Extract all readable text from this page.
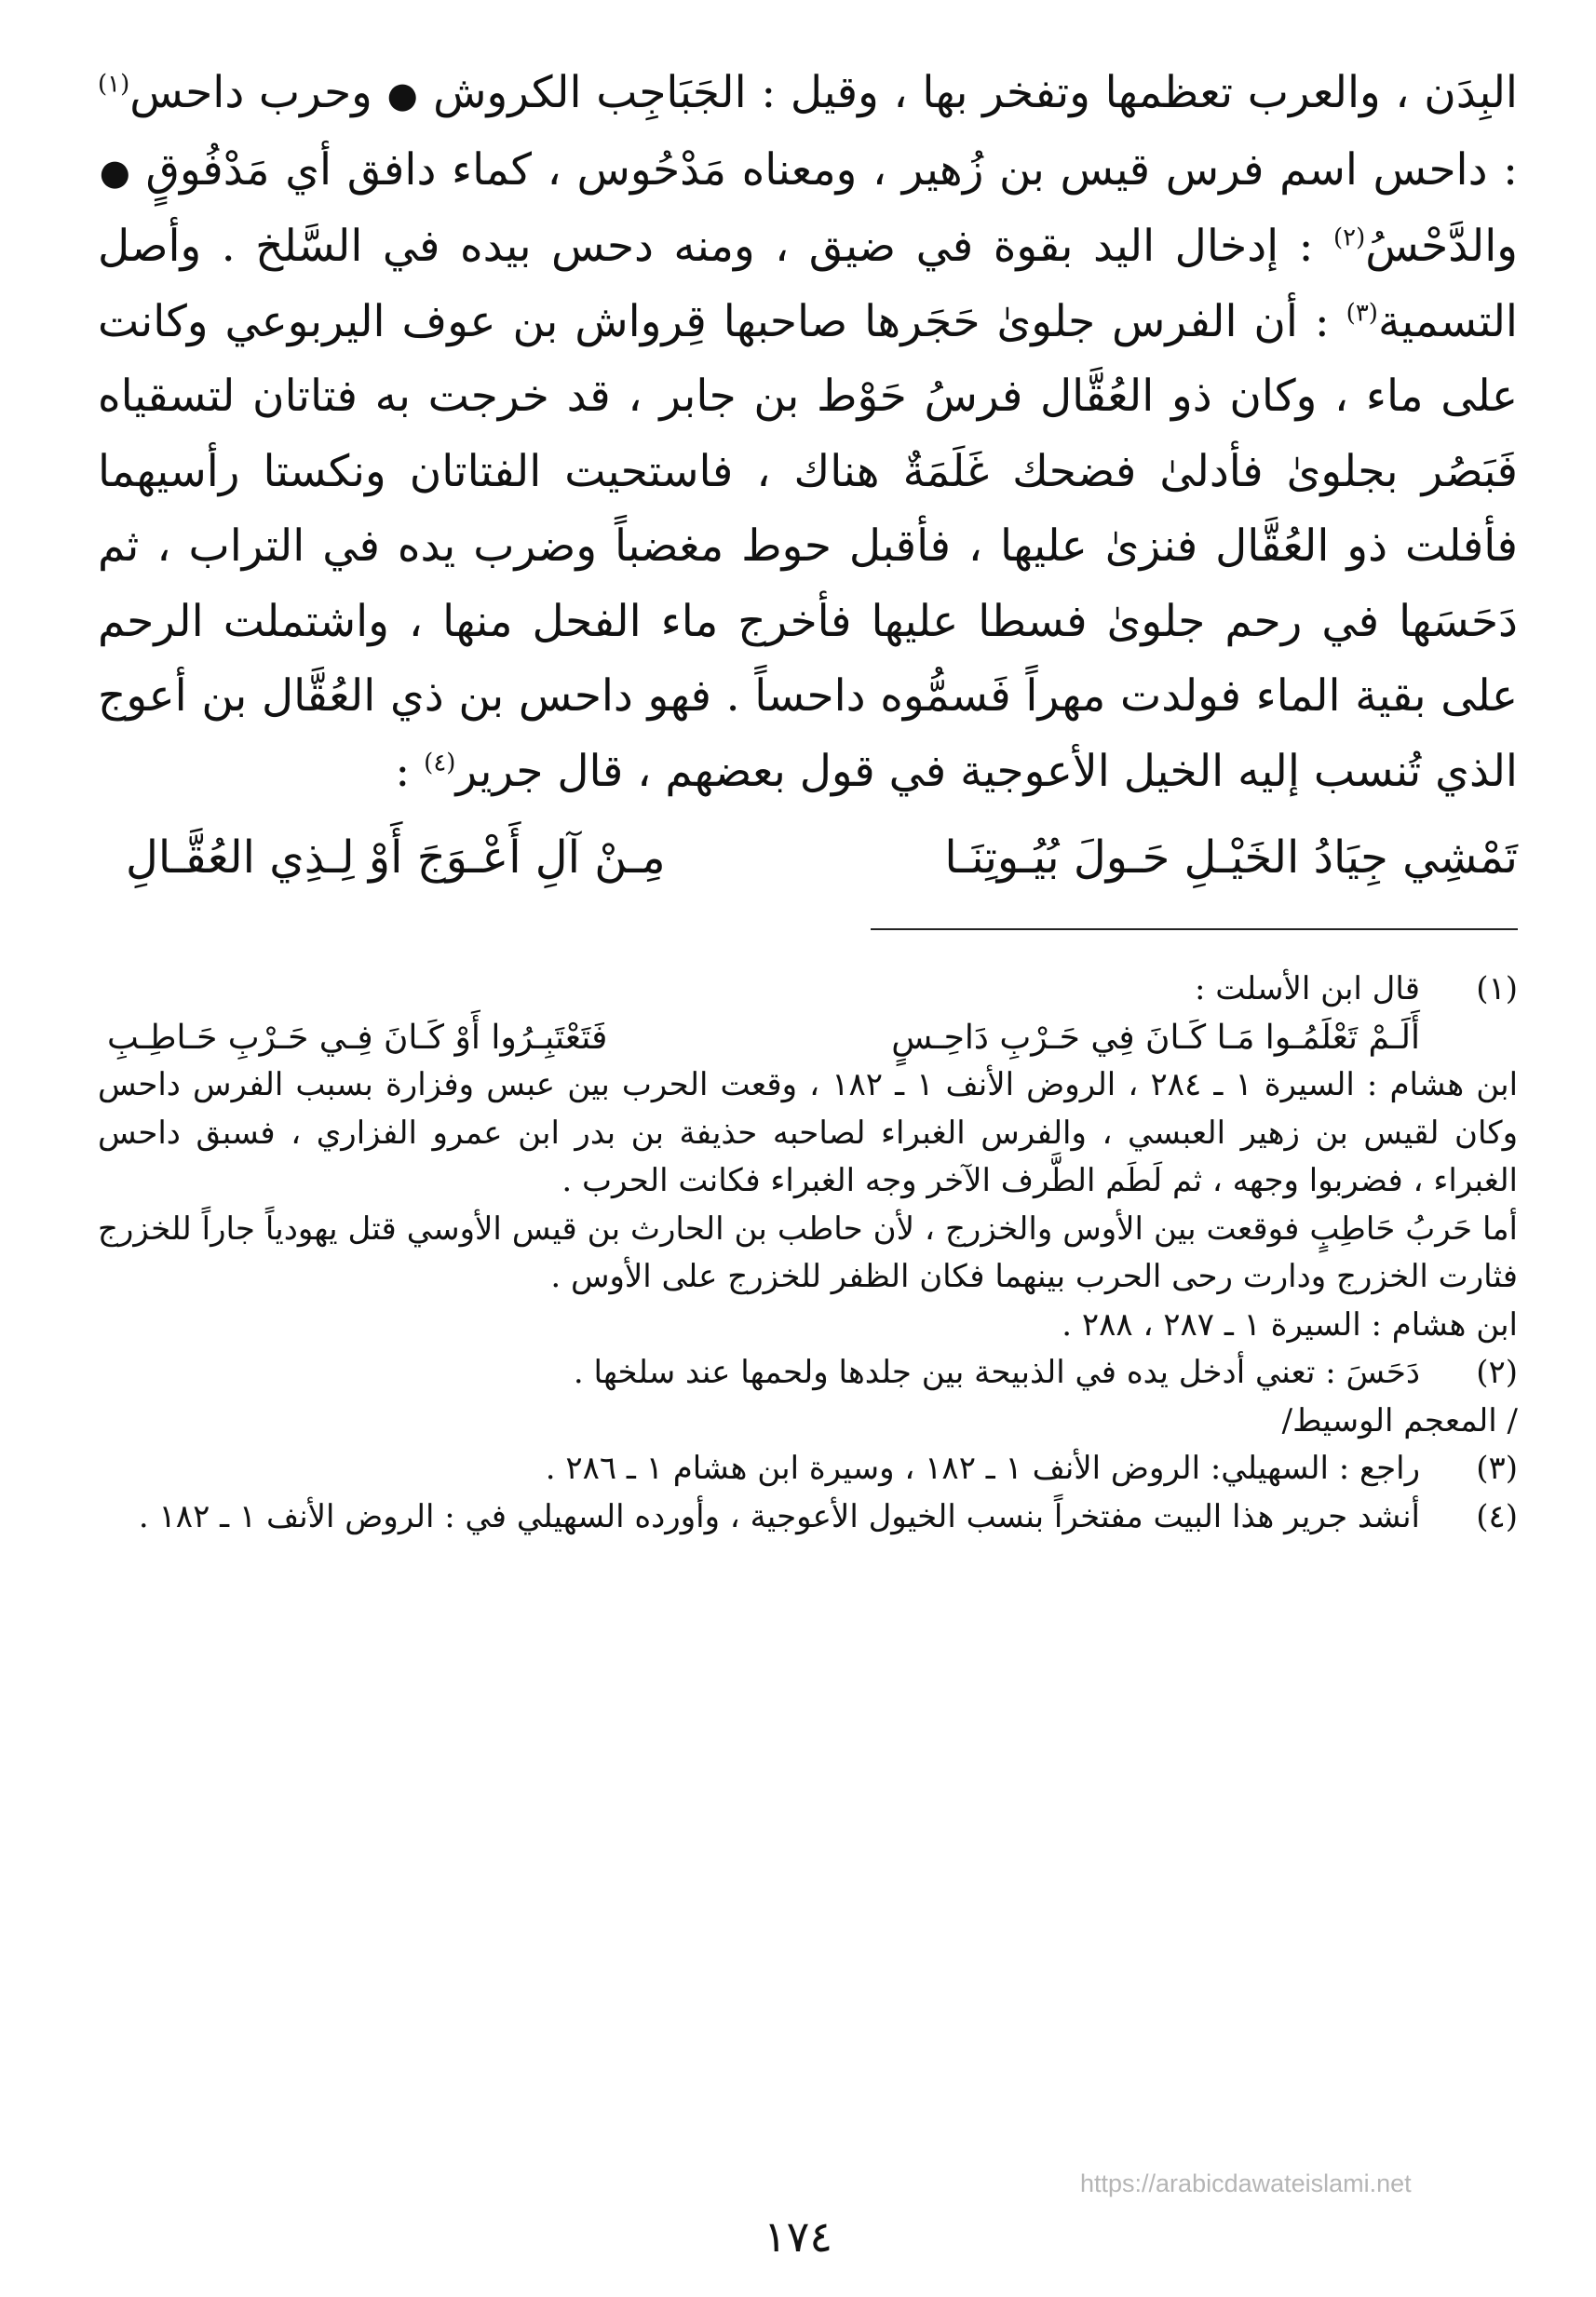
البِدَن ، والعرب تعظمها وتفخر بها ، وقيل : الجَبَاجِب الكروش ● وحرب داحس$^{(١)}$ : داحس اسم فرس قيس بن زُهير ، ومعناه مَدْحُوس ، كماء دافق أي مَدْفُوقٍ ● والدَّحْسُ$^{(٢)}$ : إدخال اليد بقوة في ضيق ، ومنه دحس بيده في السَّلخ . وأصل التسمية$^{(٣)}$ : أن الفرس جلوىٰ حَجَرها صاحبها قِرواش بن عوف اليربوعي وكانت على ماء ، وكان ذو العُقَّال فرسُ حَوْط بن جابر ، قد خرجت به فتاتان لتسقياه فَبَصُر بجلوىٰ فأدلىٰ فضحك غَلَمَةٌ هناك ، فاستحيت الفتاتان ونكستا رأسيهما فأفلت ذو العُقَّال فنزىٰ عليها ، فأقبل حوط مغضباً وضرب يده في التراب ، ثم دَحَسَها في رحم جلوىٰ فسطا عليها فأخرج ماء الفحل منها ، واشتملت الرحم على بقية الماء فولدت مهراً فَسمُّوه داحساً . فهو داحس بن ذي العُقَّال بن أعوج الذي تُنسب إليه الخيل الأعوجية في قول بعضهم ، قال جرير$^{(٤)}$ :

تَمْشِي جِيَادُ الخَيْـلِ حَـولَ بُيُـوتِنَـا
مِـنْ آلِ أَعْـوَجَ أَوْ لِـذِي العُقَّـالِ
(١)

قال ابن الأسلت :

أَلَـمْ تَعْلَمُـوا مَـا كَـانَ فِي حَـرْبِ دَاحِـسٍ
فَتَعْتَبِـرُوا أَوْ كَـانَ فِـي حَـرْبِ حَـاطِـبِ

ابن هشام : السيرة ١ ـ ٢٨٤ ، الروض الأنف ١ ـ ١٨٢ ، وقعت الحرب بين عبس وفزارة بسبب الفرس داحس وكان لقيس بن زهير العبسي ، والفرس الغبراء لصاحبه حذيفة بن بدر ابن عمرو الفزاري ، فسبق داحس الغبراء ، فضربوا وجهه ، ثم لَطَم الطَّرف الآخر وجه الغبراء فكانت الحرب .

أما حَربُ حَاطِبٍ فوقعت بين الأوس والخزرج ، لأن حاطب بن الحارث بن قيس الأوسي قتل يهودياً جاراً للخزرج فثارت الخزرج ودارت رحى الحرب بينهما فكان الظفر للخزرج على الأوس .

ابن هشام : السيرة ١ ـ ٢٨٧ ، ٢٨٨ .

(٢)

دَحَسَ : تعني أدخل يده في الذبيحة بين جلدها ولحمها عند سلخها .

/ المعجم الوسيط/

(٣)

راجع : السهيلي: الروض الأنف ١ ـ ١٨٢ ، وسيرة ابن هشام ١ ـ ٢٨٦ .

(٤)

أنشد جرير هذا البيت مفتخراً بنسب الخيول الأعوجية ، وأورده السهيلي في : الروض الأنف ١ ـ ١٨٢ .

https://arabicdawateislami.net
١٧٤
